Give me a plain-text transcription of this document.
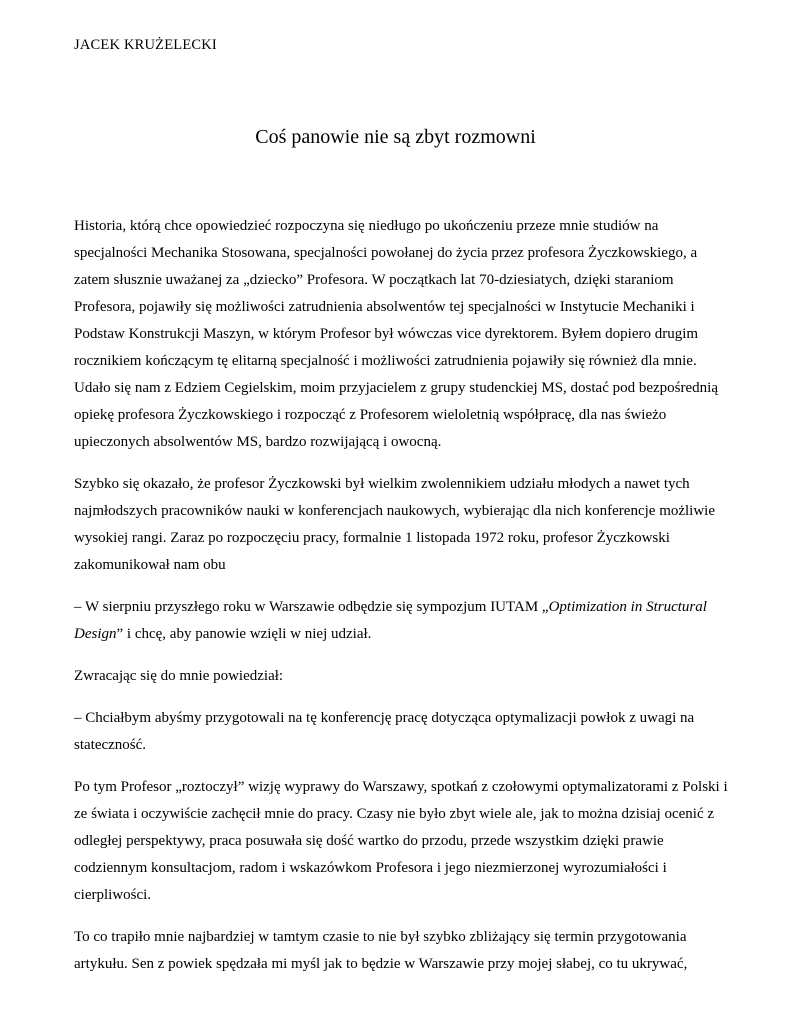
JACEK KRUŻELECKI
Coś panowie nie są zbyt rozmowni

Historia, którą chce opowiedzieć rozpoczyna się niedługo po ukończeniu przeze mnie studiów na
specjalności Mechanika Stosowana, specjalności powołanej do życia przez profesora Życzkowskiego, a
zatem słusznie uważanej za „dziecko” Profesora. W początkach lat 70-dziesiatych, dzięki staraniom
Profesora, pojawiły się możliwości zatrudnienia absolwentów tej specjalności w Instytucie Mechaniki i
Podstaw Konstrukcji Maszyn, w którym Profesor był wówczas vice dyrektorem. Byłem dopiero drugim
rocznikiem kończącym tę elitarną specjalność i możliwości zatrudnienia pojawiły się również dla mnie.
Udało się nam z Edziem Cegielskim, moim przyjacielem z grupy studenckiej MS, dostać pod bezpośrednią
opiekę profesora Życzkowskiego i rozpocząć z Profesorem wieloletnią współpracę, dla nas świeżo
upieczonych absolwentów MS, bardzo rozwijającą i owocną.

Szybko się okazało, że profesor Życzkowski był wielkim zwolennikiem udziału młodych a nawet tych
najmłodszych pracowników nauki w konferencjach naukowych, wybierając dla nich konferencje możliwie
wysokiej rangi. Zaraz po rozpoczęciu pracy, formalnie 1 listopada 1972 roku, profesor Życzkowski
zakomunikował nam obu

– W sierpniu przyszłego roku w Warszawie odbędzie się sympozjum IUTAM „Optimization in Structural
Design” i chcę, aby panowie wzięli w niej udział.

Zwracając się do mnie powiedział:

– Chciałbym abyśmy przygotowali na tę konferencję pracę dotycząca optymalizacji powłok z uwagi na
stateczność.

Po tym Profesor „roztoczył” wizję wyprawy do Warszawy, spotkań z czołowymi optymalizatorami z Polski i
ze świata i oczywiście zachęcił mnie do pracy. Czasy nie było zbyt wiele ale, jak to można dzisiaj ocenić z
odległej perspektywy, praca posuwała się dość wartko do przodu, przede wszystkim dzięki prawie
codziennym konsultacjom, radom i wskazówkom Profesora i jego niezmierzonej wyrozumiałości i
cierpliwości.

To co trapiło mnie najbardziej w tamtym czasie to nie był szybko zbliżający się termin przygotowania
artykułu. Sen z powiek spędzała mi myśl jak to będzie w Warszawie przy mojej słabej, co tu ukrywać,
